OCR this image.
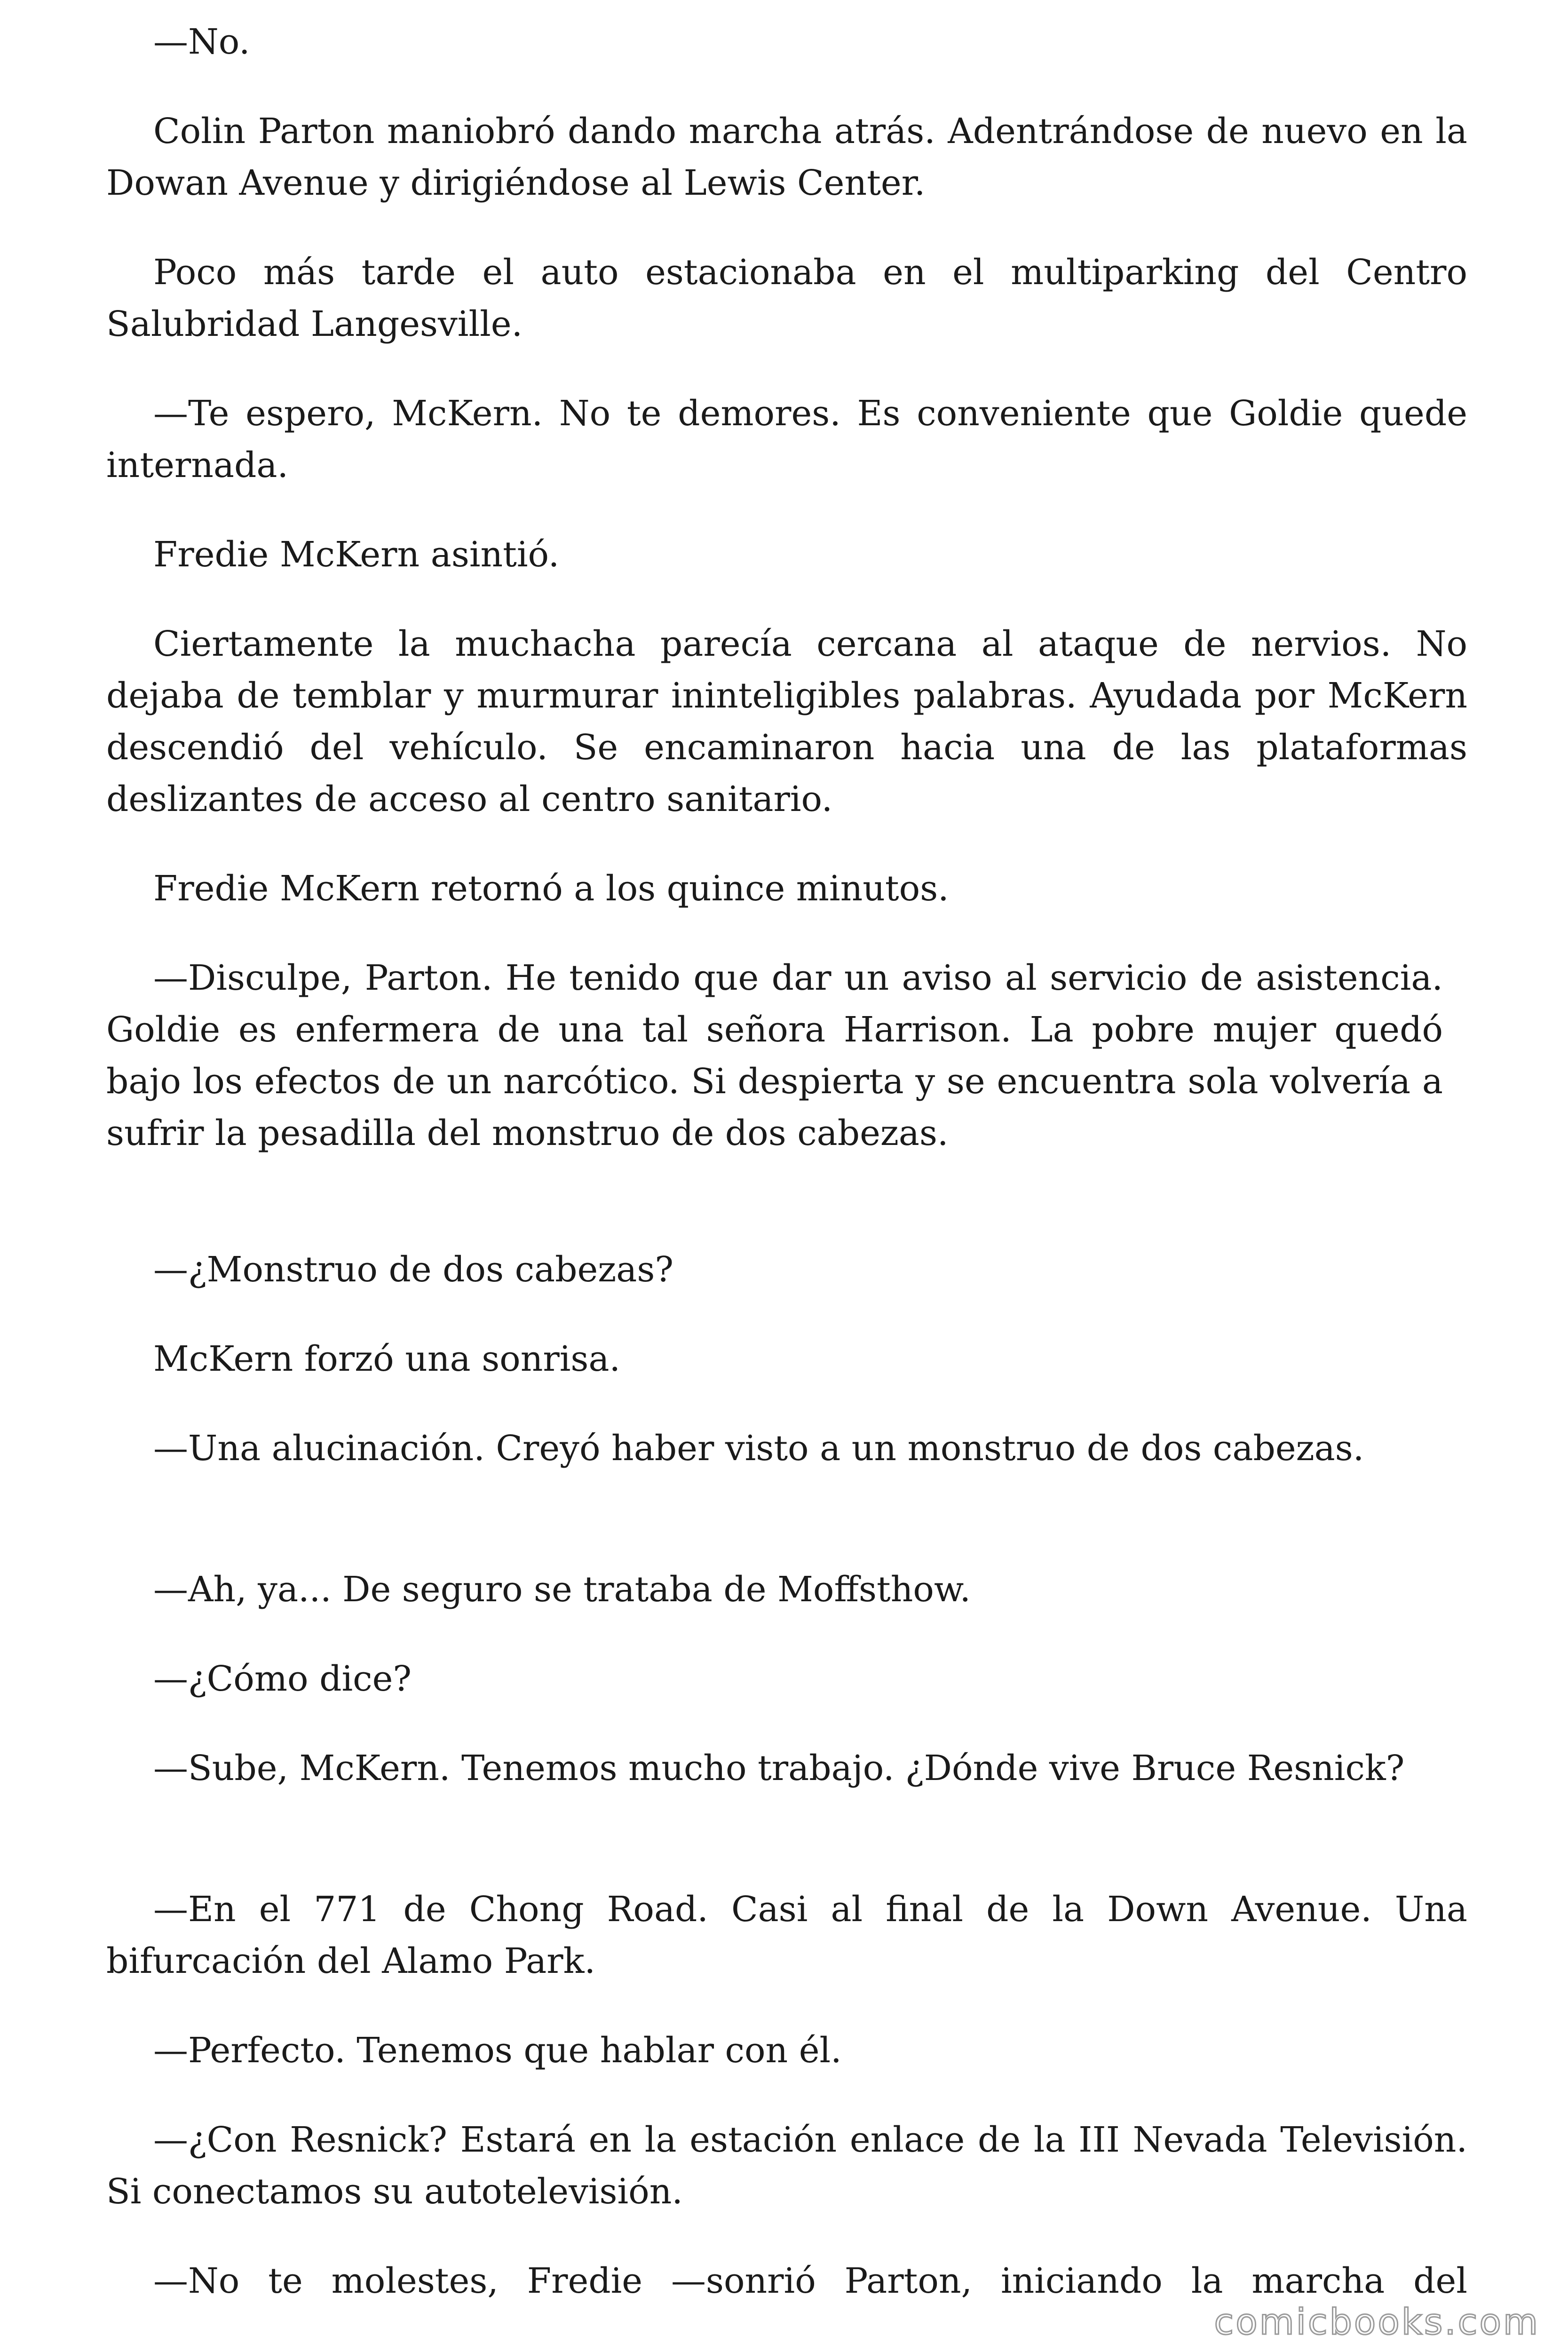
—No.

Colin Parton maniobró dando marcha atrás. Adentrándose de nuevo en la Dowan Avenue y dirigiéndose al Lewis Center.

Poco más tarde el auto estacionaba en el multiparking del Centro Salubridad Langesville.

—Te espero, McKern. No te demores. Es conveniente que Goldie quede internada.

Fredie McKern asintió.

Ciertamente la muchacha parecía cercana al ataque de nervios. No dejaba de temblar y murmurar ininteligibles palabras. Ayudada por McKern descendió del vehículo. Se encaminaron hacia una de las plataformas deslizantes de acceso al centro sanitario.

Fredie McKern retornó a los quince minutos.

—Disculpe, Parton. He tenido que dar un aviso al servicio de asistencia. Goldie es enfermera de una tal señora Harrison. La pobre mujer quedó bajo los efectos de un narcótico. Si despierta y se encuentra sola volvería a sufrir la pesadilla del monstruo de dos cabezas.

—¿Monstruo de dos cabezas?

McKern forzó una sonrisa.

—Una alucinación. Creyó haber visto a un monstruo de dos cabezas.

—Ah, ya... De seguro se trataba de Moffsthow.

—¿Cómo dice?

—Sube, McKern. Tenemos mucho trabajo. ¿Dónde vive Bruce Resnick?

—En el 771 de Chong Road. Casi al final de la Down Avenue. Una bifurcación del Alamo Park.

—Perfecto. Tenemos que hablar con él.

—¿Con Resnick? Estará en la estación enlace de la III Nevada Televisión. Si conectamos su autotelevisión.

—No te molestes, Fredie —sonrió Parton, iniciando la marcha del

comicbooks.com
